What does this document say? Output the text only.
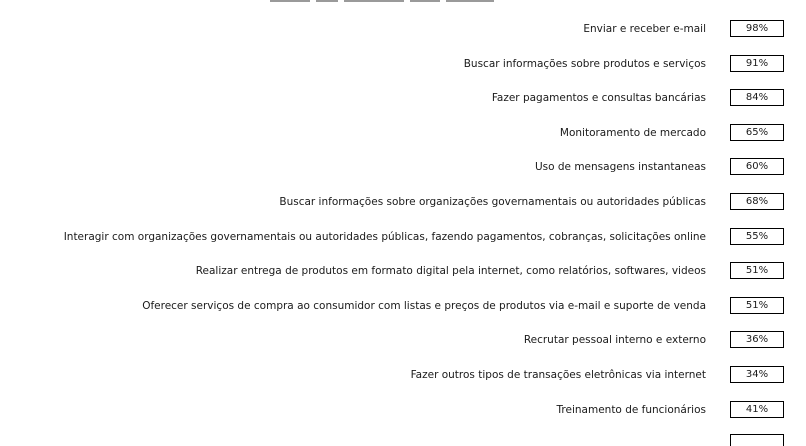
Enviar e receber e-mail	98%
Buscar informações sobre produtos e serviços	91%
Fazer pagamentos e consultas bancárias	84%
Monitoramento de mercado	65%
Uso de mensagens instantaneas	60%
Buscar informações sobre organizações governamentais ou autoridades públicas	68%
Interagir com organizações governamentais ou autoridades públicas, fazendo pagamentos, cobranças, solicitações online	55%
Realizar entrega de produtos em formato digital pela internet, como relatórios, softwares, videos	51%
Oferecer serviços de compra ao consumidor com listas e preços de produtos via e-mail e suporte de venda	51%
Recrutar pessoal interno e externo	36%
Fazer outros tipos de transações eletrônicas via internet	34%
Treinamento de funcionários	41%
